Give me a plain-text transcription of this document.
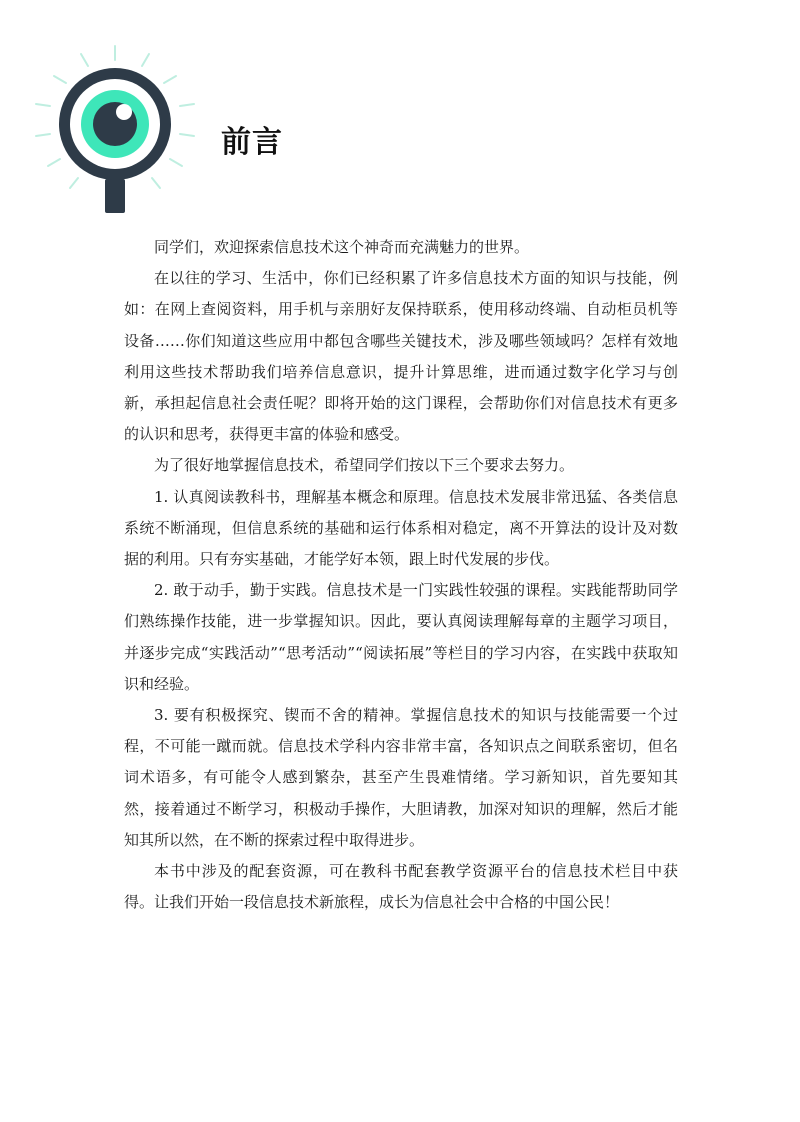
前言

同学们，欢迎探索信息技术这个神奇而充满魅力的世界。

在以往的学习、生活中，你们已经积累了许多信息技术方面的知识与技能，例如：在网上查阅资料，用手机与亲朋好友保持联系，使用移动终端、自动柜员机等设备……你们知道这些应用中都包含哪些关键技术，涉及哪些领域吗？怎样有效地利用这些技术帮助我们培养信息意识，提升计算思维，进而通过数字化学习与创新，承担起信息社会责任呢？即将开始的这门课程，会帮助你们对信息技术有更多的认识和思考，获得更丰富的体验和感受。

为了很好地掌握信息技术，希望同学们按以下三个要求去努力。

1. 认真阅读教科书，理解基本概念和原理。信息技术发展非常迅猛、各类信息系统不断涌现，但信息系统的基础和运行体系相对稳定，离不开算法的设计及对数据的利用。只有夯实基础，才能学好本领，跟上时代发展的步伐。

2. 敢于动手，勤于实践。信息技术是一门实践性较强的课程。实践能帮助同学们熟练操作技能，进一步掌握知识。因此，要认真阅读理解每章的主题学习项目，并逐步完成“实践活动”“思考活动”“阅读拓展”等栏目的学习内容，在实践中获取知识和经验。

3. 要有积极探究、锲而不舍的精神。掌握信息技术的知识与技能需要一个过程，不可能一蹴而就。信息技术学科内容非常丰富，各知识点之间联系密切，但名词术语多，有可能令人感到繁杂，甚至产生畏难情绪。学习新知识，首先要知其然，接着通过不断学习，积极动手操作，大胆请教，加深对知识的理解，然后才能知其所以然，在不断的探索过程中取得进步。

本书中涉及的配套资源，可在教科书配套教学资源平台的信息技术栏目中获得。让我们开始一段信息技术新旅程，成长为信息社会中合格的中国公民！
